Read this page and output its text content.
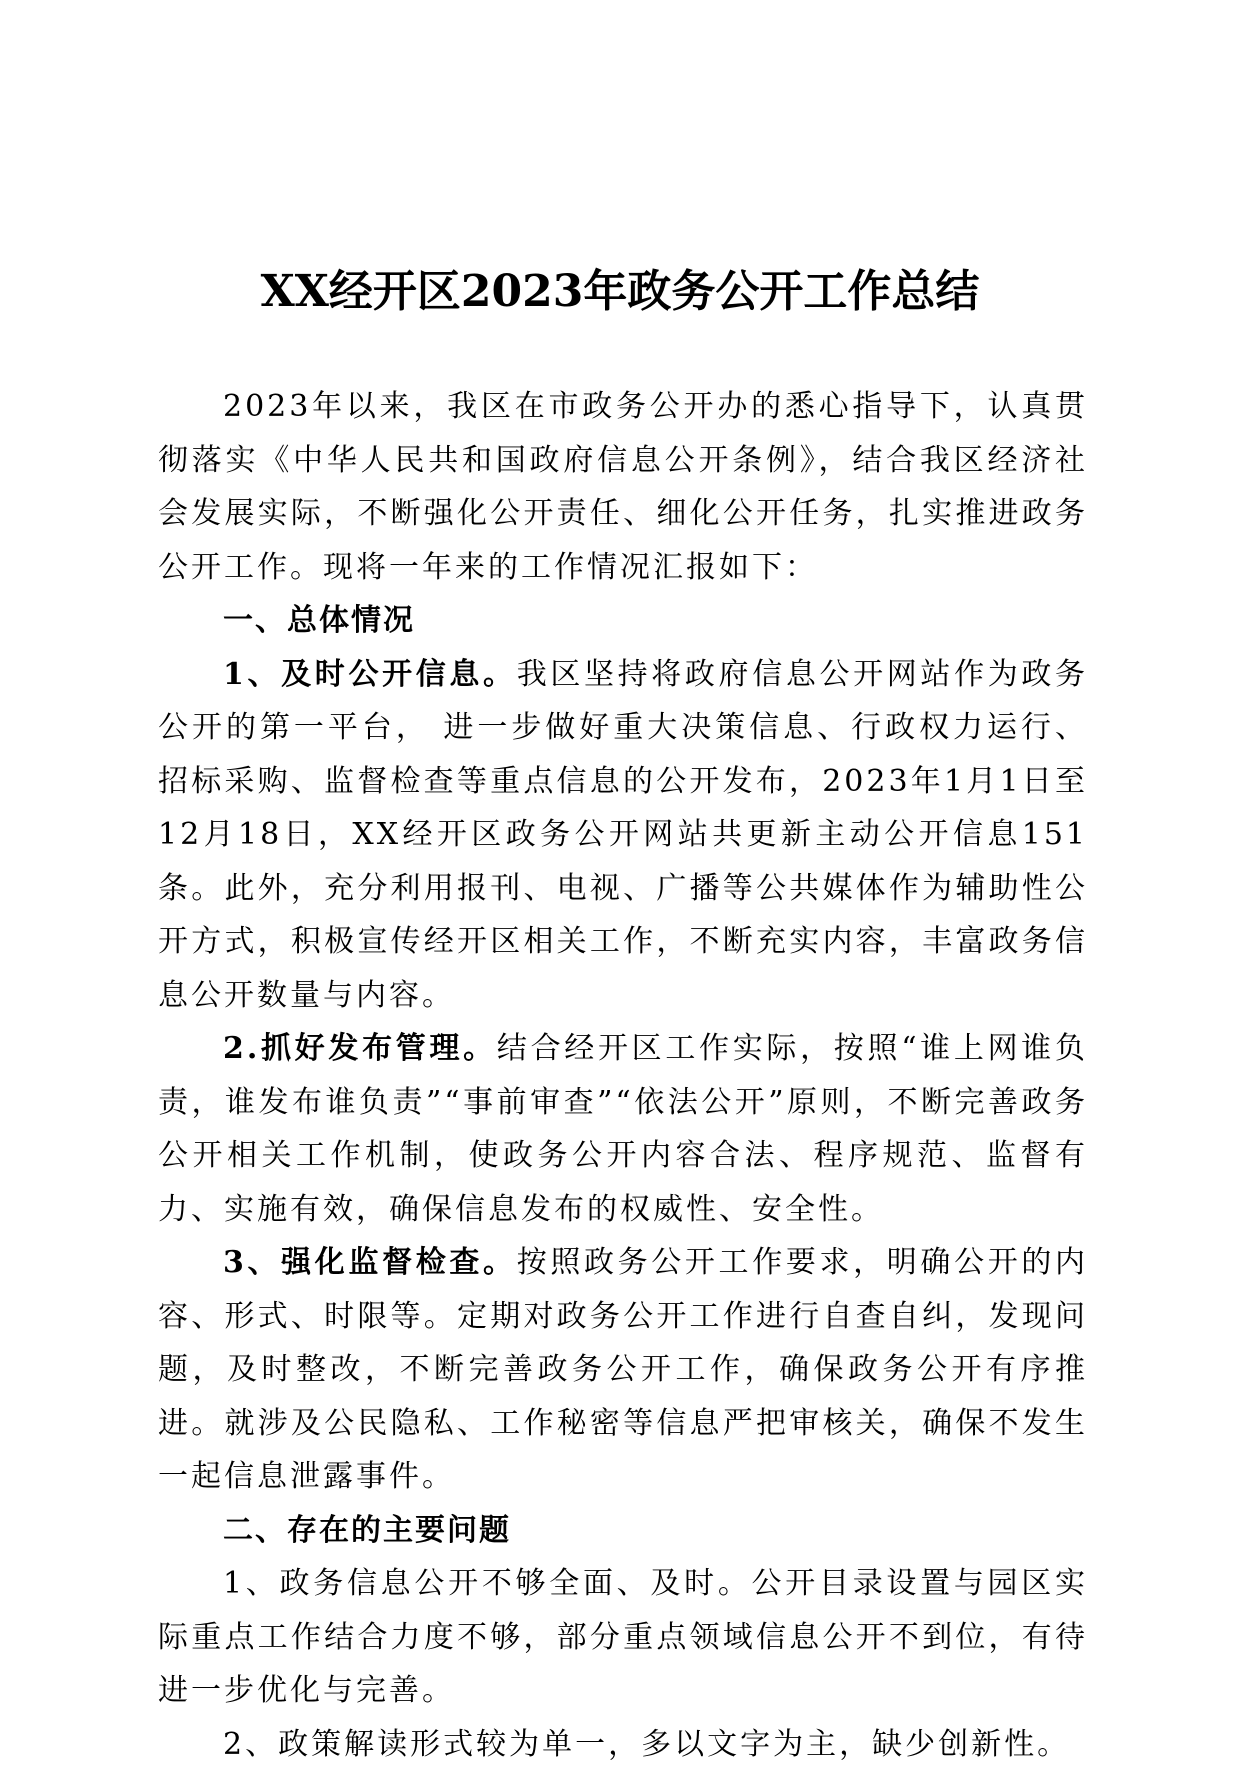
XX经开区2023年政务公开工作总结

2023年以来，我区在市政务公开办的悉心指导下，认真贯彻落实《中华人民共和国政府信息公开条例》，结合我区经济社会发展实际，不断强化公开责任、细化公开任务，扎实推进政务公开工作。现将一年来的工作情况汇报如下：

一、总体情况

1、及时公开信息。我区坚持将政府信息公开网站作为政务公开的第一平台， 进一步做好重大决策信息、行政权力运行、招标采购、监督检查等重点信息的公开发布，2023年1月1日至12月18日，XX经开区政务公开网站共更新主动公开信息151条。此外，充分利用报刊、电视、广播等公共媒体作为辅助性公开方式，积极宣传经开区相关工作，不断充实内容，丰富政务信息公开数量与内容。

2.抓好发布管理。结合经开区工作实际，按照“谁上网谁负责，谁发布谁负责”“事前审查”“依法公开”原则，不断完善政务公开相关工作机制，使政务公开内容合法、程序规范、监督有力、实施有效，确保信息发布的权威性、安全性。

3、强化监督检查。按照政务公开工作要求，明确公开的内容、形式、时限等。定期对政务公开工作进行自查自纠，发现问题，及时整改，不断完善政务公开工作，确保政务公开有序推进。就涉及公民隐私、工作秘密等信息严把审核关，确保不发生一起信息泄露事件。

二、存在的主要问题

1、政务信息公开不够全面、及时。公开目录设置与园区实际重点工作结合力度不够，部分重点领域信息公开不到位，有待进一步优化与完善。

2、政策解读形式较为单一，多以文字为主，缺少创新性。
